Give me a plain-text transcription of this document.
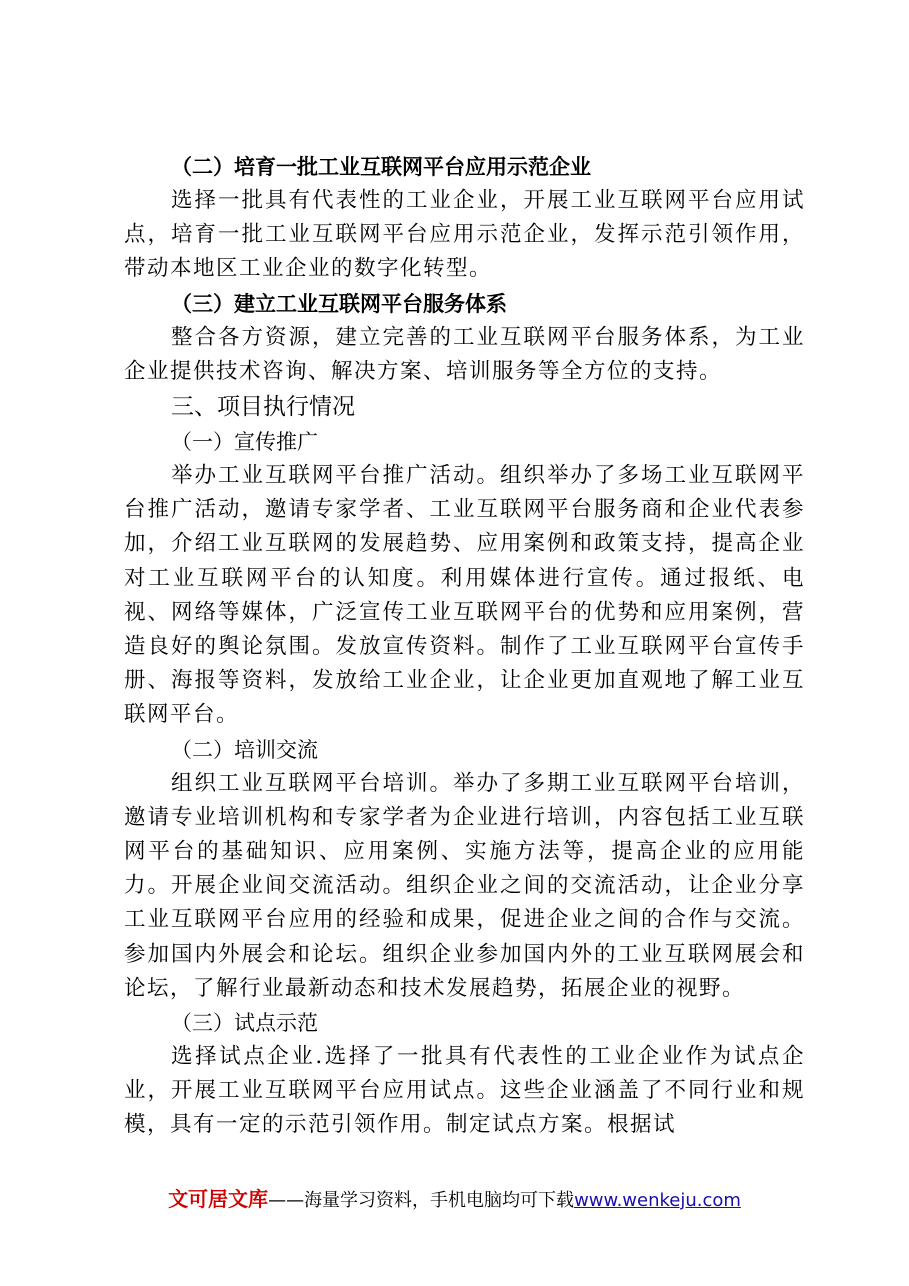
（二）培育一批工业互联网平台应用示范企业
选择一批具有代表性的工业企业，开展工业互联网平台应用试点，培育一批工业互联网平台应用示范企业，发挥示范引领作用，带动本地区工业企业的数字化转型。
（三）建立工业互联网平台服务体系
整合各方资源，建立完善的工业互联网平台服务体系，为工业企业提供技术咨询、解决方案、培训服务等全方位的支持。
三、项目执行情况
（一）宣传推广
举办工业互联网平台推广活动。组织举办了多场工业互联网平台推广活动，邀请专家学者、工业互联网平台服务商和企业代表参加，介绍工业互联网的发展趋势、应用案例和政策支持，提高企业对工业互联网平台的认知度。利用媒体进行宣传。通过报纸、电视、网络等媒体，广泛宣传工业互联网平台的优势和应用案例，营造良好的舆论氛围。发放宣传资料。制作了工业互联网平台宣传手册、海报等资料，发放给工业企业，让企业更加直观地了解工业互联网平台。
（二）培训交流
组织工业互联网平台培训。举办了多期工业互联网平台培训，邀请专业培训机构和专家学者为企业进行培训，内容包括工业互联网平台的基础知识、应用案例、实施方法等，提高企业的应用能力。开展企业间交流活动。组织企业之间的交流活动，让企业分享工业互联网平台应用的经验和成果，促进企业之间的合作与交流。参加国内外展会和论坛。组织企业参加国内外的工业互联网展会和论坛，了解行业最新动态和技术发展趋势，拓展企业的视野。
（三）试点示范
选择试点企业.选择了一批具有代表性的工业企业作为试点企业，开展工业互联网平台应用试点。这些企业涵盖了不同行业和规模，具有一定的示范引领作用。制定试点方案。根据试
文可居文库——海量学习资料，手机电脑均可下载www.wenkeju.com
